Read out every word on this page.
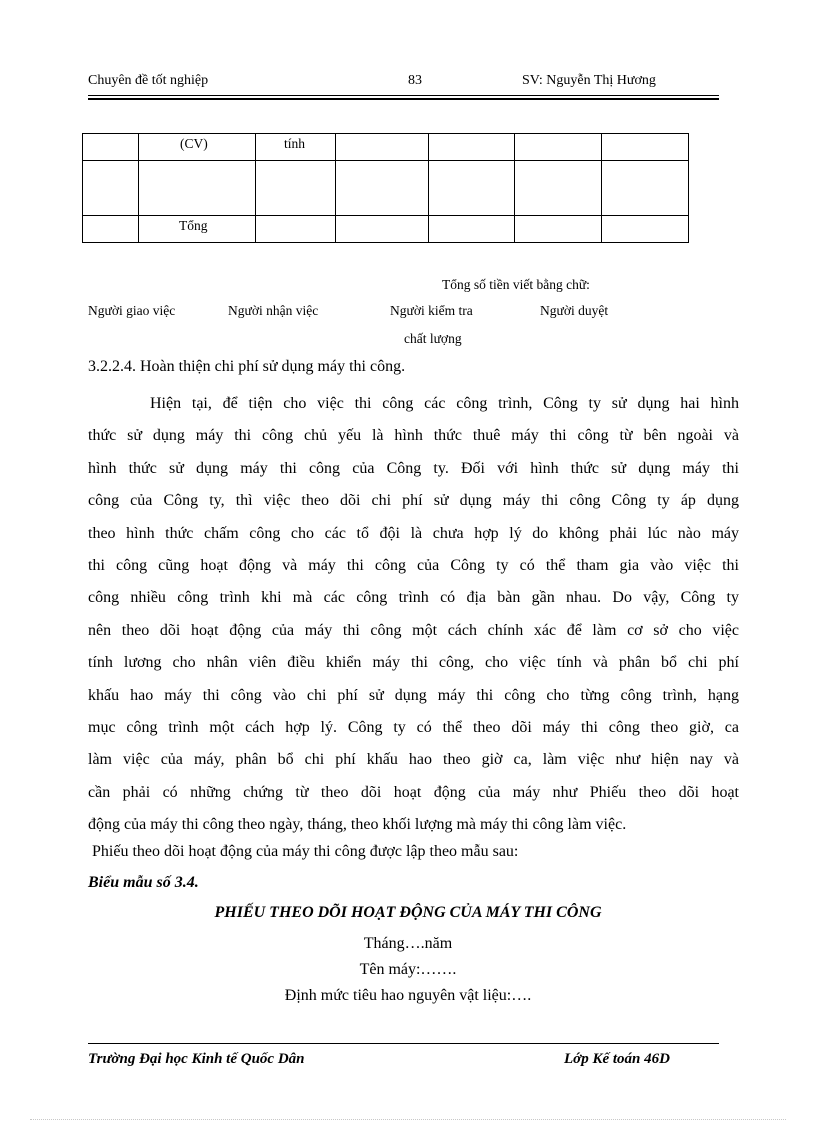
Chuyên đề tốt nghiệp	83	SV: Nguyễn Thị Hương
	(CV)	tính				

	Tổng					
Tổng số tiền viết bằng chữ:
Người giao việc	Người nhận việc	Người kiểm tra	Người duyệt
chất lượng
3.2.2.4. Hoàn thiện chi phí sử dụng máy thi công.
Hiện tại, để tiện cho việc thi công các công trình, Công ty sử dụng hai hình
thức sử dụng máy thi công chủ yếu là hình thức thuê máy thi công từ bên ngoài và
hình thức sử dụng máy thi công của Công ty. Đối với hình thức sử dụng máy thi
công của Công ty, thì việc theo dõi chi phí sử dụng máy thi công Công ty áp dụng
theo hình thức chấm công cho các tổ đội là chưa hợp lý do không phải lúc nào máy
thi công cũng hoạt động và máy thi công của Công ty có thể tham gia vào việc thi
công nhiều công trình khi mà các công trình có địa bàn gần nhau. Do vậy, Công ty
nên theo dõi hoạt động của máy thi công một cách chính xác để làm cơ sở cho việc
tính lương cho nhân viên điều khiển máy thi công, cho việc tính và phân bổ chi phí
khấu hao máy thi công vào chi phí sử dụng máy thi công cho từng công trình, hạng
mục công trình một cách hợp lý. Công ty có thể theo dõi máy thi công theo giờ, ca
làm việc của máy, phân bổ chi phí khấu hao theo giờ ca, làm việc như hiện nay và
cần phải có những chứng từ theo dõi hoạt động của máy như Phiếu theo dõi hoạt
động của máy thi công theo ngày, tháng, theo khối lượng mà máy thi công làm việc.
Phiếu theo dõi hoạt động của máy thi công được lập theo mẫu sau:
Biểu mẫu số 3.4.
PHIẾU THEO DÕI HOẠT ĐỘNG CỦA MÁY THI CÔNG
Tháng….năm
Tên máy:…….
Định mức tiêu hao nguyên vật liệu:….
Trường Đại học Kinh tế Quốc Dân	Lớp Kế toán 46D
